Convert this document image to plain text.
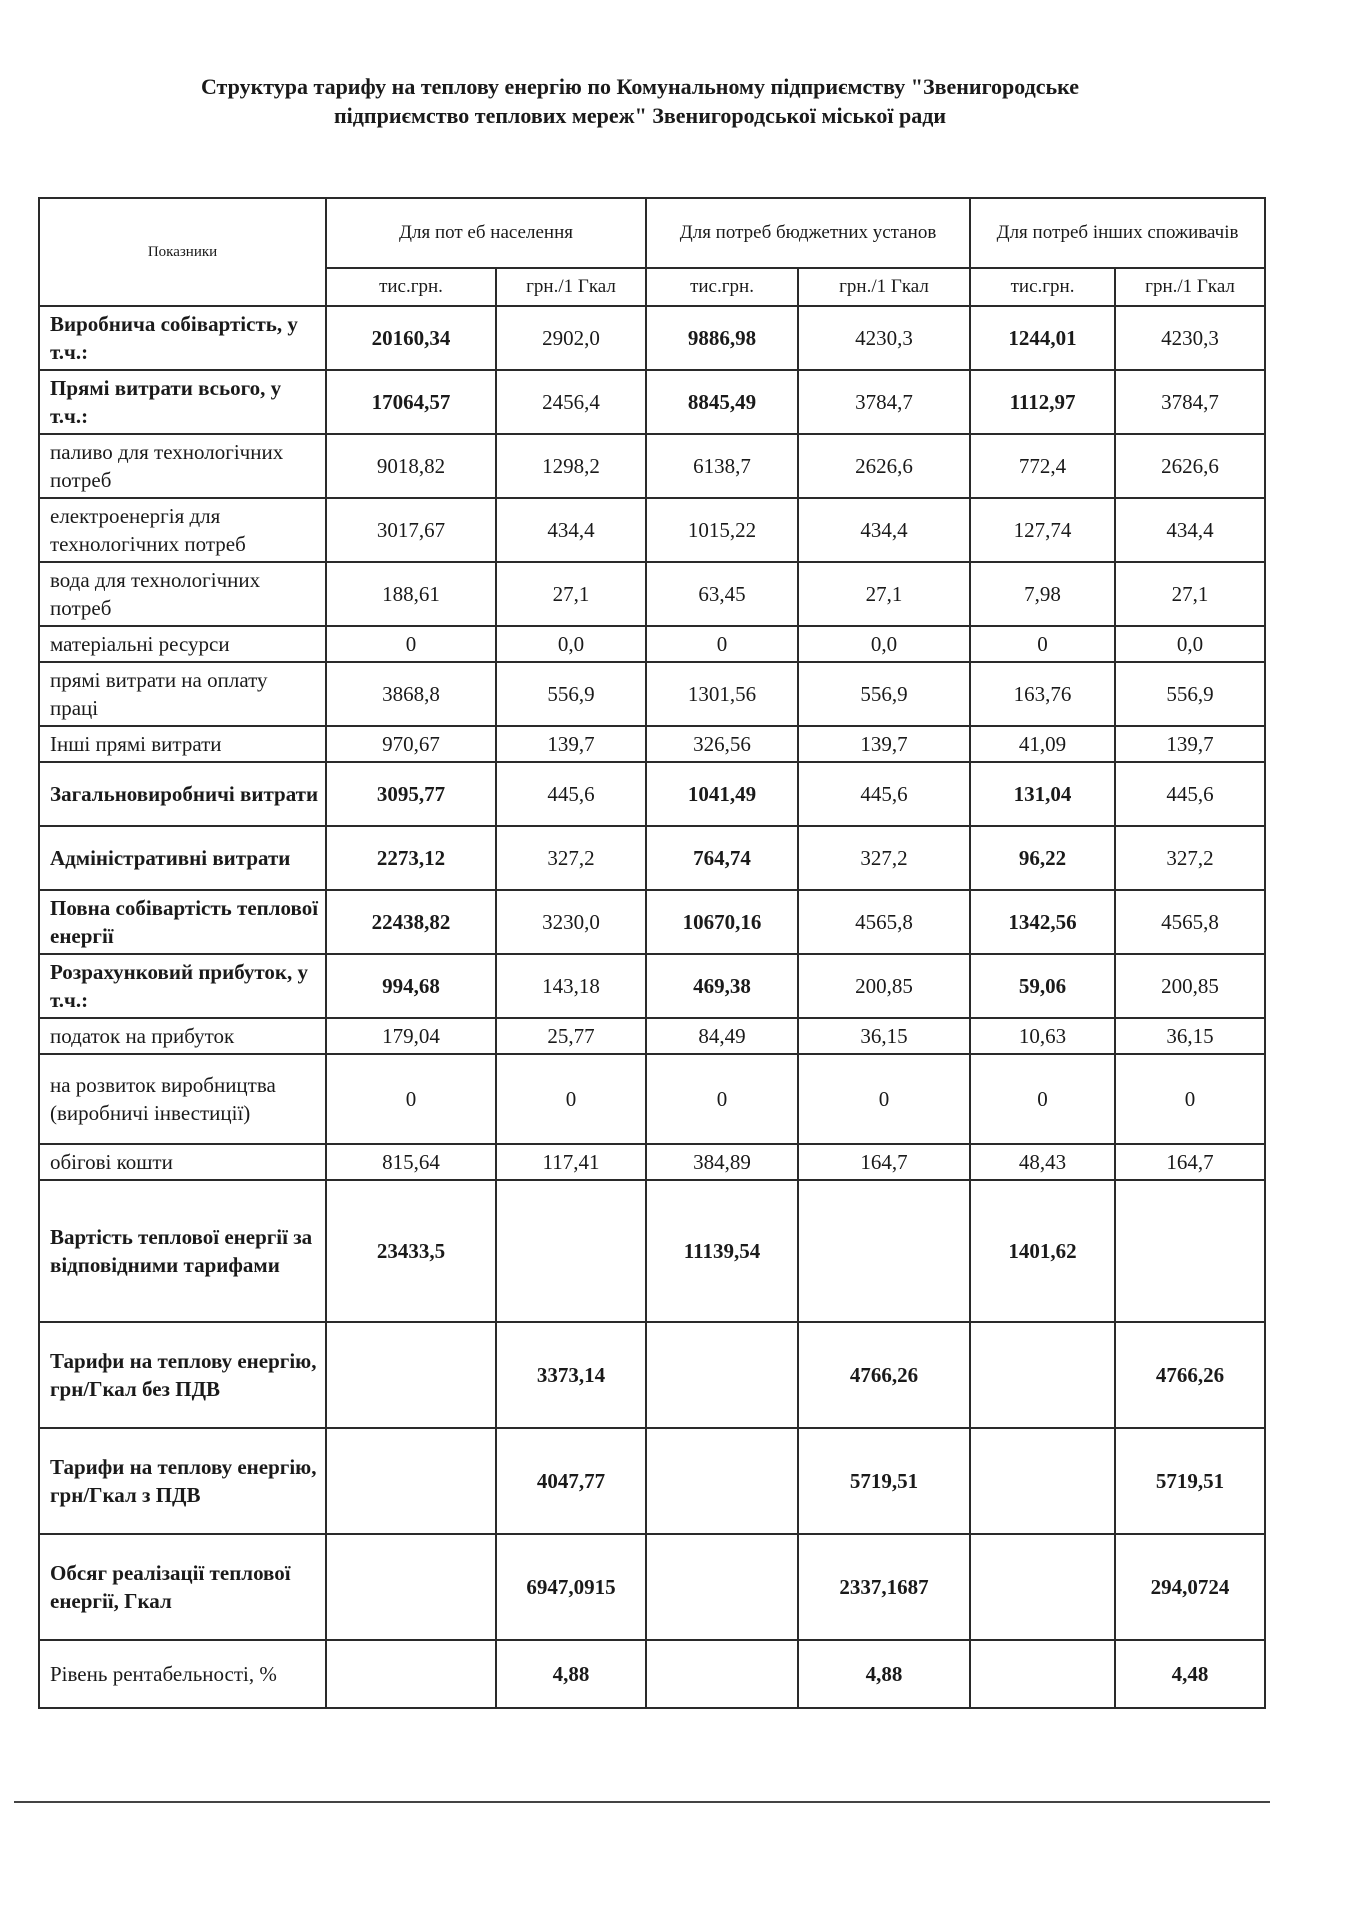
Структура тарифу на теплову енергію по Комунальному підприємству "Звенигородське
підприємство теплових мереж" Звенигородської міської ради
Показники	Для пот еб населення		Для потреб бюджетних установ		Для потреб інших споживачів	
	тис.грн.	грн./1 Гкал	тис.грн.	грн./1 Гкал	тис.грн.	грн./1 Гкал
Виробнича собівартість, у т.ч.:	20160,34	2902,0	9886,98	4230,3	1244,01	4230,3
Прямі витрати всього, у т.ч.:	17064,57	2456,4	8845,49	3784,7	1112,97	3784,7
паливо для технологічних потреб	9018,82	1298,2	6138,7	2626,6	772,4	2626,6
електроенергія для технологічних потреб	3017,67	434,4	1015,22	434,4	127,74	434,4
вода для технологічних потреб	188,61	27,1	63,45	27,1	7,98	27,1
матеріальні ресурси	0	0,0	0	0,0	0	0,0
прямі витрати на оплату праці	3868,8	556,9	1301,56	556,9	163,76	556,9
Інші прямі витрати	970,67	139,7	326,56	139,7	41,09	139,7
Загальновиробничі витрати	3095,77	445,6	1041,49	445,6	131,04	445,6
Адміністративні витрати	2273,12	327,2	764,74	327,2	96,22	327,2
Повна собівартість теплової енергії	22438,82	3230,0	10670,16	4565,8	1342,56	4565,8
Розрахунковий прибуток, у т.ч.:	994,68	143,18	469,38	200,85	59,06	200,85
податок на прибуток	179,04	25,77	84,49	36,15	10,63	36,15
на розвиток виробництва (виробничі інвестиції)	0	0	0	0	0	0
обігові кошти	815,64	117,41	384,89	164,7	48,43	164,7
Вартість теплової енергії за відповідними тарифами	23433,5		11139,54		1401,62	
Тарифи на теплову енергію, грн/Гкал без ПДВ		3373,14		4766,26		4766,26
Тарифи на теплову енергію, грн/Гкал з ПДВ		4047,77		5719,51		5719,51
Обсяг реалізації теплової енергії, Гкал		6947,0915		2337,1687		294,0724
Рівень рентабельності, %		4,88		4,88		4,48
